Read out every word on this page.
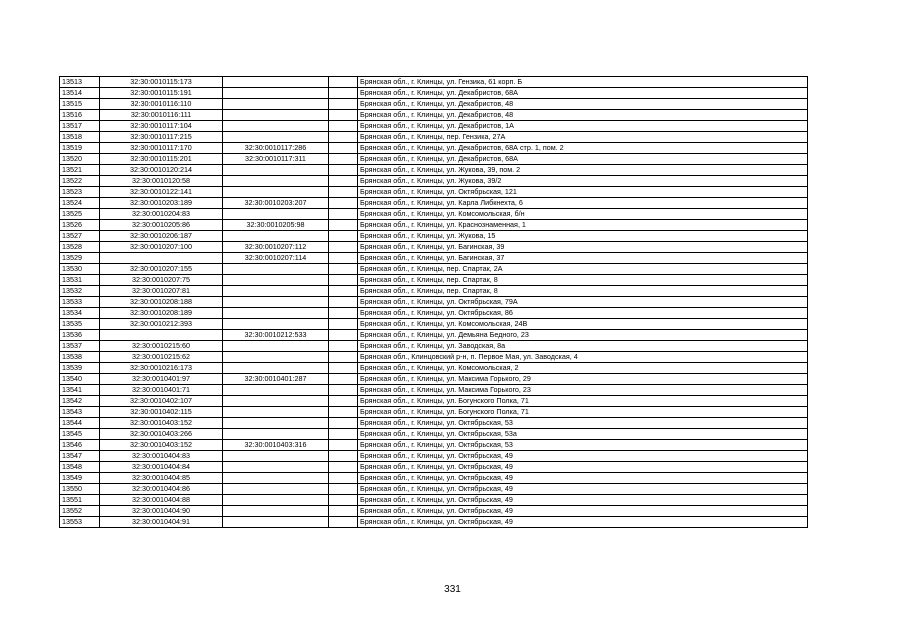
13513	32:30:0010115:173			Брянская обл., г. Клинцы, ул. Гензика, 61 корп. Б
13514	32:30:0010115:191			Брянская обл., г. Клинцы, ул. Декабристов, 68А
13515	32:30:0010116:110			Брянская обл., г. Клинцы, ул. Декабристов, 48
13516	32:30:0010116:111			Брянская обл., г. Клинцы, ул. Декабристов, 48
13517	32:30:0010117:104			Брянская обл., г. Клинцы, ул. Декабристов, 1А
13518	32:30:0010117:215			Брянская обл., г. Клинцы, пер. Гензика, 27А
13519	32:30:0010117:170	32:30:0010117:286		Брянская обл., г. Клинцы, ул. Декабристов, 68А стр. 1, пом. 2
13520	32:30:0010115:201	32:30:0010117:311		Брянская обл., г. Клинцы, ул. Декабристов, 68А
13521	32:30:0010120:214			Брянская обл., г. Клинцы, ул. Жукова, 39, пом. 2
13522	32:30:0010120:58			Брянская обл., г. Клинцы, ул. Жукова, 39/2
13523	32:30:0010122:141			Брянская обл., г. Клинцы, ул. Октябрьская, 121
13524	32:30:0010203:189	32:30:0010203:207		Брянская обл., г. Клинцы, ул. Карла Либкнехта, 6
13525	32:30:0010204:83			Брянская обл., г. Клинцы, ул. Комсомольская, б/н
13526	32:30:0010205:86	32:30:0010205:98		Брянская обл., г. Клинцы, ул. Краснознаменная, 1
13527	32:30:0010206:187			Брянская обл., г. Клинцы, ул. Жукова, 15
13528	32:30:0010207:100	32:30:0010207:112		Брянская обл., г. Клинцы, ул. Багинская, 39
13529		32:30:0010207:114		Брянская обл., г. Клинцы, ул. Багинская, 37
13530	32:30:0010207:155			Брянская обл., г. Клинцы, пер. Спартак, 2А
13531	32:30:0010207:75			Брянская обл., г. Клинцы, пер. Спартак, 8
13532	32:30:0010207:81			Брянская обл., г. Клинцы, пер. Спартак, 8
13533	32:30:0010208:188			Брянская обл., г. Клинцы, ул. Октябрьская, 79А
13534	32:30:0010208:189			Брянская обл., г. Клинцы, ул. Октябрьская, 86
13535	32:30:0010212:393			Брянская обл., г. Клинцы, ул. Комсомольская, 24В
13536		32:30:0010212:533		Брянская обл., г. Клинцы, ул. Демьяна Бедного, 23
13537	32:30:0010215:60			Брянская обл., г. Клинцы, ул. Заводская, 8а
13538	32:30:0010215:62			Брянская обл., Клинцовский р-н, п. Первое Мая, ул. Заводская, 4
13539	32:30:0010216:173			Брянская обл., г. Клинцы, ул. Комсомольская, 2
13540	32:30:0010401:97	32:30:0010401:287		Брянская обл., г. Клинцы, ул. Максима Горького, 29
13541	32:30:0010401:71			Брянская обл., г. Клинцы, ул. Максима Горького, 23
13542	32:30:0010402:107			Брянская обл., г. Клинцы, ул. Богунского Полка, 71
13543	32:30:0010402:115			Брянская обл., г. Клинцы, ул. Богунского Полка, 71
13544	32:30:0010403:152			Брянская обл., г. Клинцы, ул. Октябрьская, 53
13545	32:30:0010403:266			Брянская обл., г. Клинцы, ул. Октябрьская, 53а
13546	32:30:0010403:152	32:30:0010403:316		Брянская обл., г. Клинцы, ул. Октябрьская, 53
13547	32:30:0010404:83			Брянская обл., г. Клинцы, ул. Октябрьская, 49
13548	32:30:0010404:84			Брянская обл., г. Клинцы, ул. Октябрьская, 49
13549	32:30:0010404:85			Брянская обл., г. Клинцы, ул. Октябрьская, 49
13550	32:30:0010404:86			Брянская обл., г. Клинцы, ул. Октябрьская, 49
13551	32:30:0010404:88			Брянская обл., г. Клинцы, ул. Октябрьская, 49
13552	32:30:0010404:90			Брянская обл., г. Клинцы, ул. Октябрьская, 49
13553	32:30:0010404:91			Брянская обл., г. Клинцы, ул. Октябрьская, 49
331
